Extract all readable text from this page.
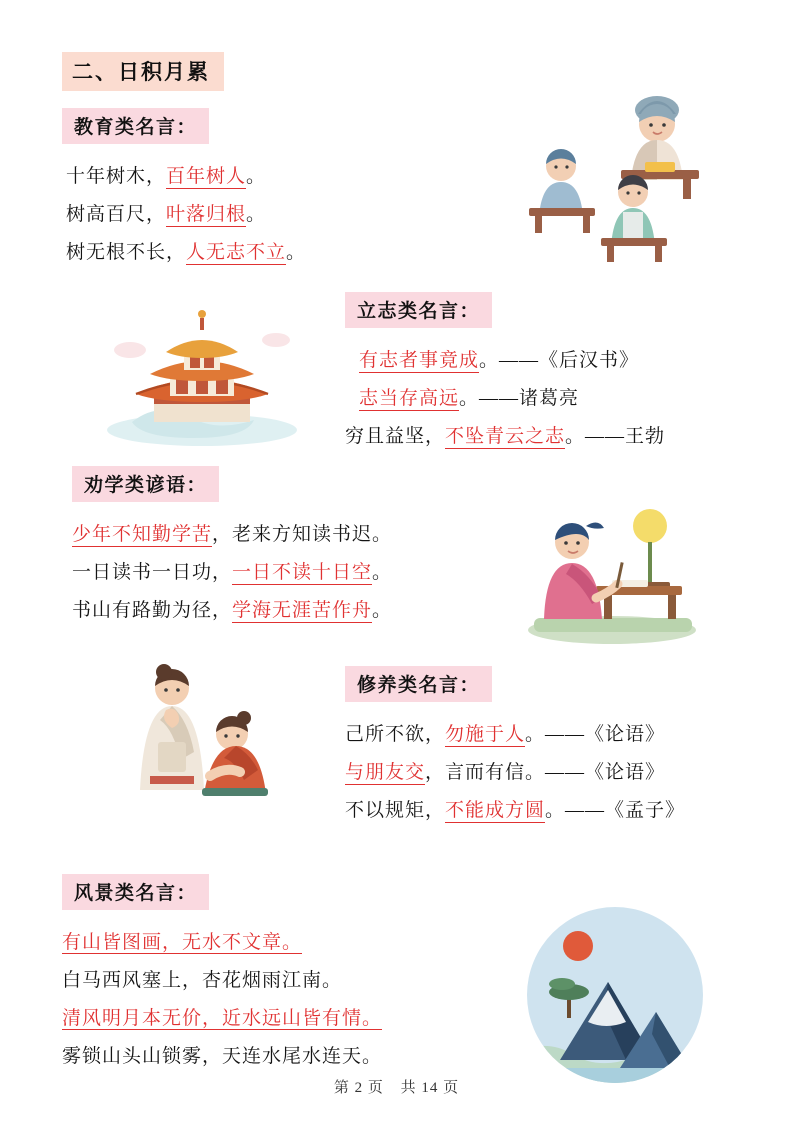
二、日积月累
教育类名言：
十年树木，百年树人。
树高百尺，叶落归根。
树无根不长，人无志不立。
立志类名言：
有志者事竟成。——《后汉书》
志当存高远。——诸葛亮
穷且益坚，不坠青云之志。——王勃
劝学类谚语：
少年不知勤学苦，老来方知读书迟。
一日读书一日功，一日不读十日空。
书山有路勤为径，学海无涯苦作舟。
修养类名言：
己所不欲，勿施于人。——《论语》
与朋友交，言而有信。——《论语》
不以规矩，不能成方圆。——《孟子》
风景类名言：
有山皆图画，无水不文章。
白马西风塞上，杏花烟雨江南。
清风明月本无价，近水远山皆有情。
雾锁山头山锁雾，天连水尾水连天。
第 2 页 共 14 页
